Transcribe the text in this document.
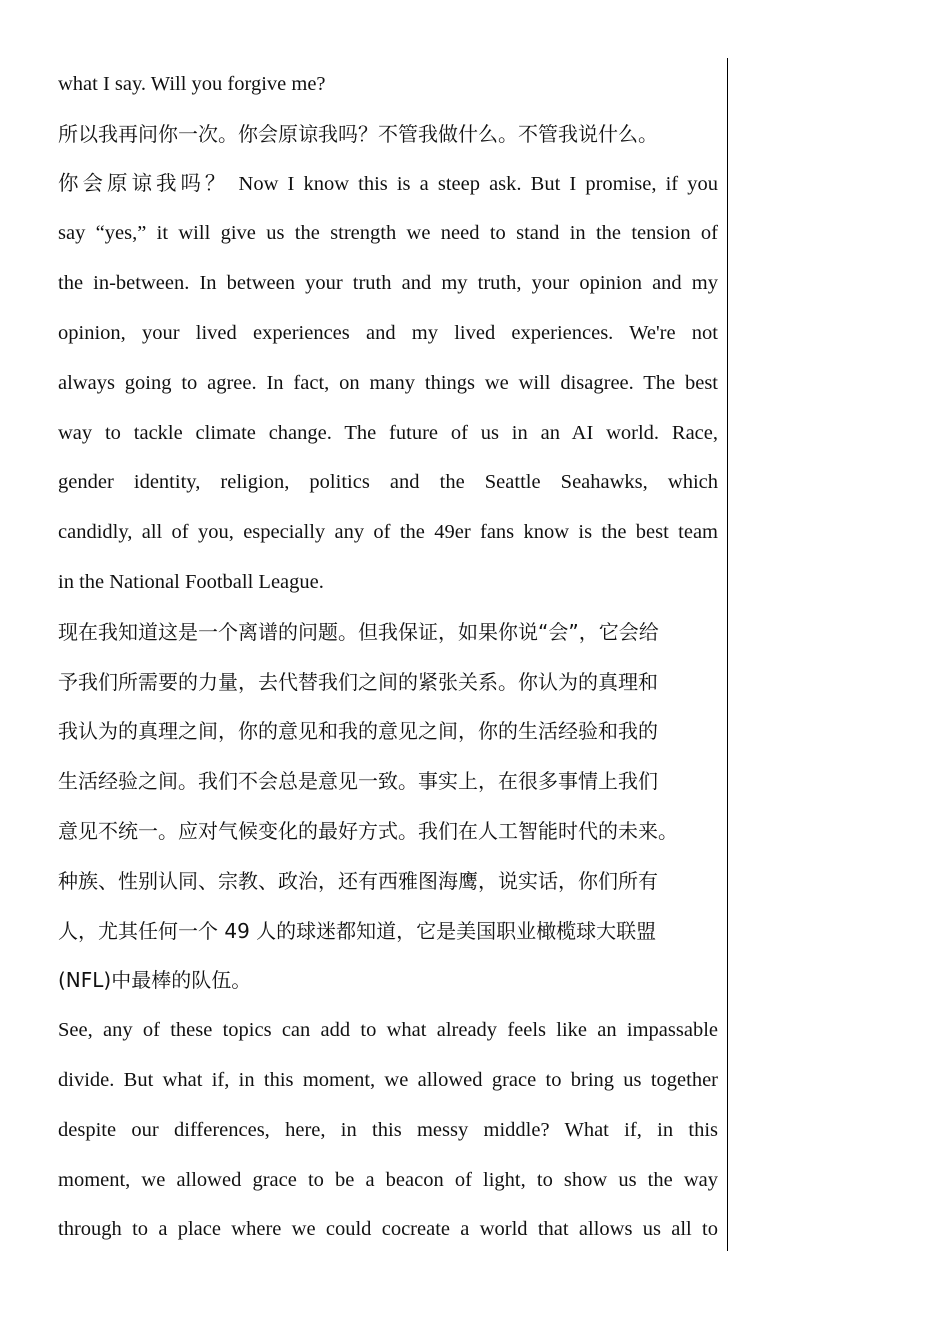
what I say. Will you forgive me?
所以我再问你一次。你会原谅我吗？不管我做什么。不管我说什么。
你会原谅我吗？ Now I know this is a steep ask. But I promise, if you
say “yes,” it will give us the strength we need to stand in the tension of
the in-between. In between your truth and my truth, your opinion and my
opinion, your lived experiences and my lived experiences. We're not
always going to agree. In fact, on many things we will disagree. The best
way to tackle climate change. The future of us in an AI world. Race,
gender identity, religion, politics and the Seattle Seahawks, which
candidly, all of you, especially any of the 49er fans know is the best team
in the National Football League.
现在我知道这是一个离谱的问题。但我保证，如果你说“会”，它会给
予我们所需要的力量，去代替我们之间的紧张关系。你认为的真理和
我认为的真理之间，你的意见和我的意见之间，你的生活经验和我的
生活经验之间。我们不会总是意见一致。事实上，在很多事情上我们
意见不统一。应对气候变化的最好方式。我们在人工智能时代的未来。
种族、性别认同、宗教、政治，还有西雅图海鹰，说实话，你们所有
人，尤其任何一个 49 人的球迷都知道，它是美国职业橄榄球大联盟
(NFL)中最棒的队伍。
See, any of these topics can add to what already feels like an impassable
divide. But what if, in this moment, we allowed grace to bring us together
despite our differences, here, in this messy middle? What if, in this
moment, we allowed grace to be a beacon of light, to show us the way
through to a place where we could cocreate a world that allows us all to
